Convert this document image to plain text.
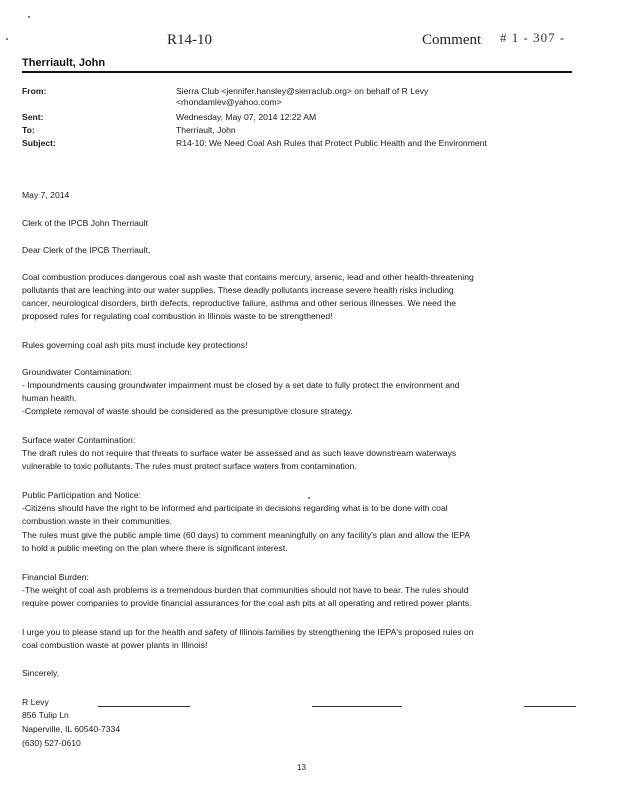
R14-10	Comment # 1 - 307 -
Therriault, John
From:	Sierra Club <jennifer.hansley@sierraclub.org> on behalf of R Levy
<rhondamlev@yahoo.com>
Sent:	Wednesday, May 07, 2014 12:22 AM
To:	Therriault, John
Subject:	R14-10: We Need Coal Ash Rules that Protect Public Health and the Environment
May 7, 2014
Clerk of the IPCB John Therriault
Dear Clerk of the IPCB Therriault,
Coal combustion produces dangerous coal ash waste that contains mercury, arsenic, lead and other health-threatening
pollutants that are leaching into our water supplies. These deadly pollutants increase severe health risks including
cancer, neurological disorders, birth defects, reproductive failure, asthma and other serious illnesses. We need the
proposed rules for regulating coal combustion in Illinois waste to be strengthened!
Rules governing coal ash pits must include key protections!
Groundwater Contamination:
- Impoundments causing groundwater impairment must be closed by a set date to fully protect the environment and
human health.
-Complete removal of waste should be considered as the presumptive closure strategy.
Surface water Contamination:
The draft rules do not require that threats to surface water be assessed and as such leave downstream waterways
vulnerable to toxic pollutants. The rules must protect surface waters from contamination.
Public Participation and Notice:
-Citizens should have the right to be informed and participate in decisions regarding what is to be done with coal
combustion waste in their communities.
The rules must give the public ample time (60 days) to comment meaningfully on any facility's plan and allow the IEPA
to hold a public meeting on the plan where there is significant interest.
Financial Burden:
-The weight of coal ash problems is a tremendous burden that communities should not have to bear. The rules should
require power companies to provide financial assurances for the coal ash pits at all operating and retired power plants.
I urge you to please stand up for the health and safety of Illinois families by strengthening the IEPA's proposed rules on
coal combustion waste at power plants in Illinois!
Sincerely,
R Levy
856 Tulip Ln
Naperville, IL 60540-7334
(630) 527-0610
13
